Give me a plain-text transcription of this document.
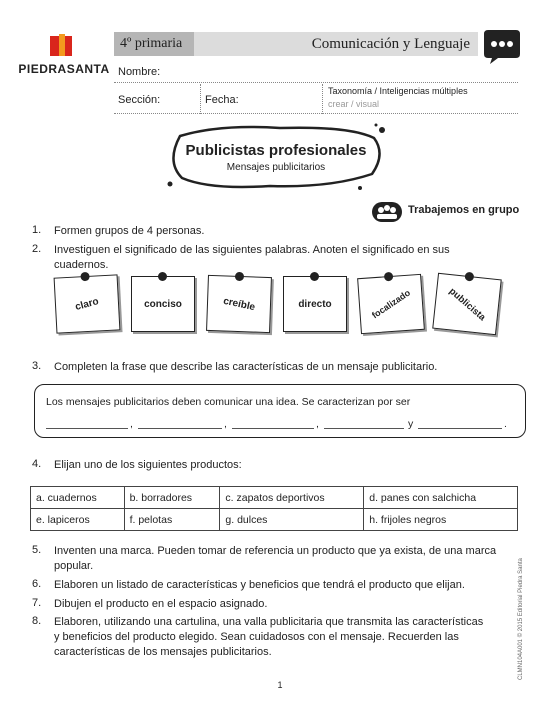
PIEDRASANTA
4º primaria	Comunicación y Lenguaje
Nombre:
Sección:	Fecha:
Taxonomía / Inteligencias múltiples
crear / visual
Publicistas profesionales
Mensajes publicitarios
Trabajemos en grupo
1.	Formen grupos de 4 personas.
2.	Investiguen el significado de las siguientes palabras. Anoten el significado en sus cuadernos.
claro	conciso	creíble	directo	focalizado	publicista
3.	Completen la frase que describe las características de un mensaje publicitario.
Los mensajes publicitarios deben comunicar una idea. Se caracterizan por ser
,	,	,	y	.
4.	Elijan uno de los siguientes productos:
a. cuadernos	b. borradores	c. zapatos deportivos	d. panes con salchicha
e. lapiceros	f. pelotas	g. dulces	h. frijoles negros
5.	Inventen una marca. Pueden tomar de referencia un producto que ya exista, de una marca popular.
6.	Elaboren un listado de características y beneficios que tendrá el producto que elijan.
7.	Dibujen el producto en el espacio asignado.
8.	Elaboren, utilizando una cartulina, una valla publicitaria que transmita las características y beneficios del producto elegido. Sean cuidadosos con el mensaje. Recuerden las características de los mensajes publicitarios.
1
CLMN104A001 © 2015 Editorial Piedra Santa
